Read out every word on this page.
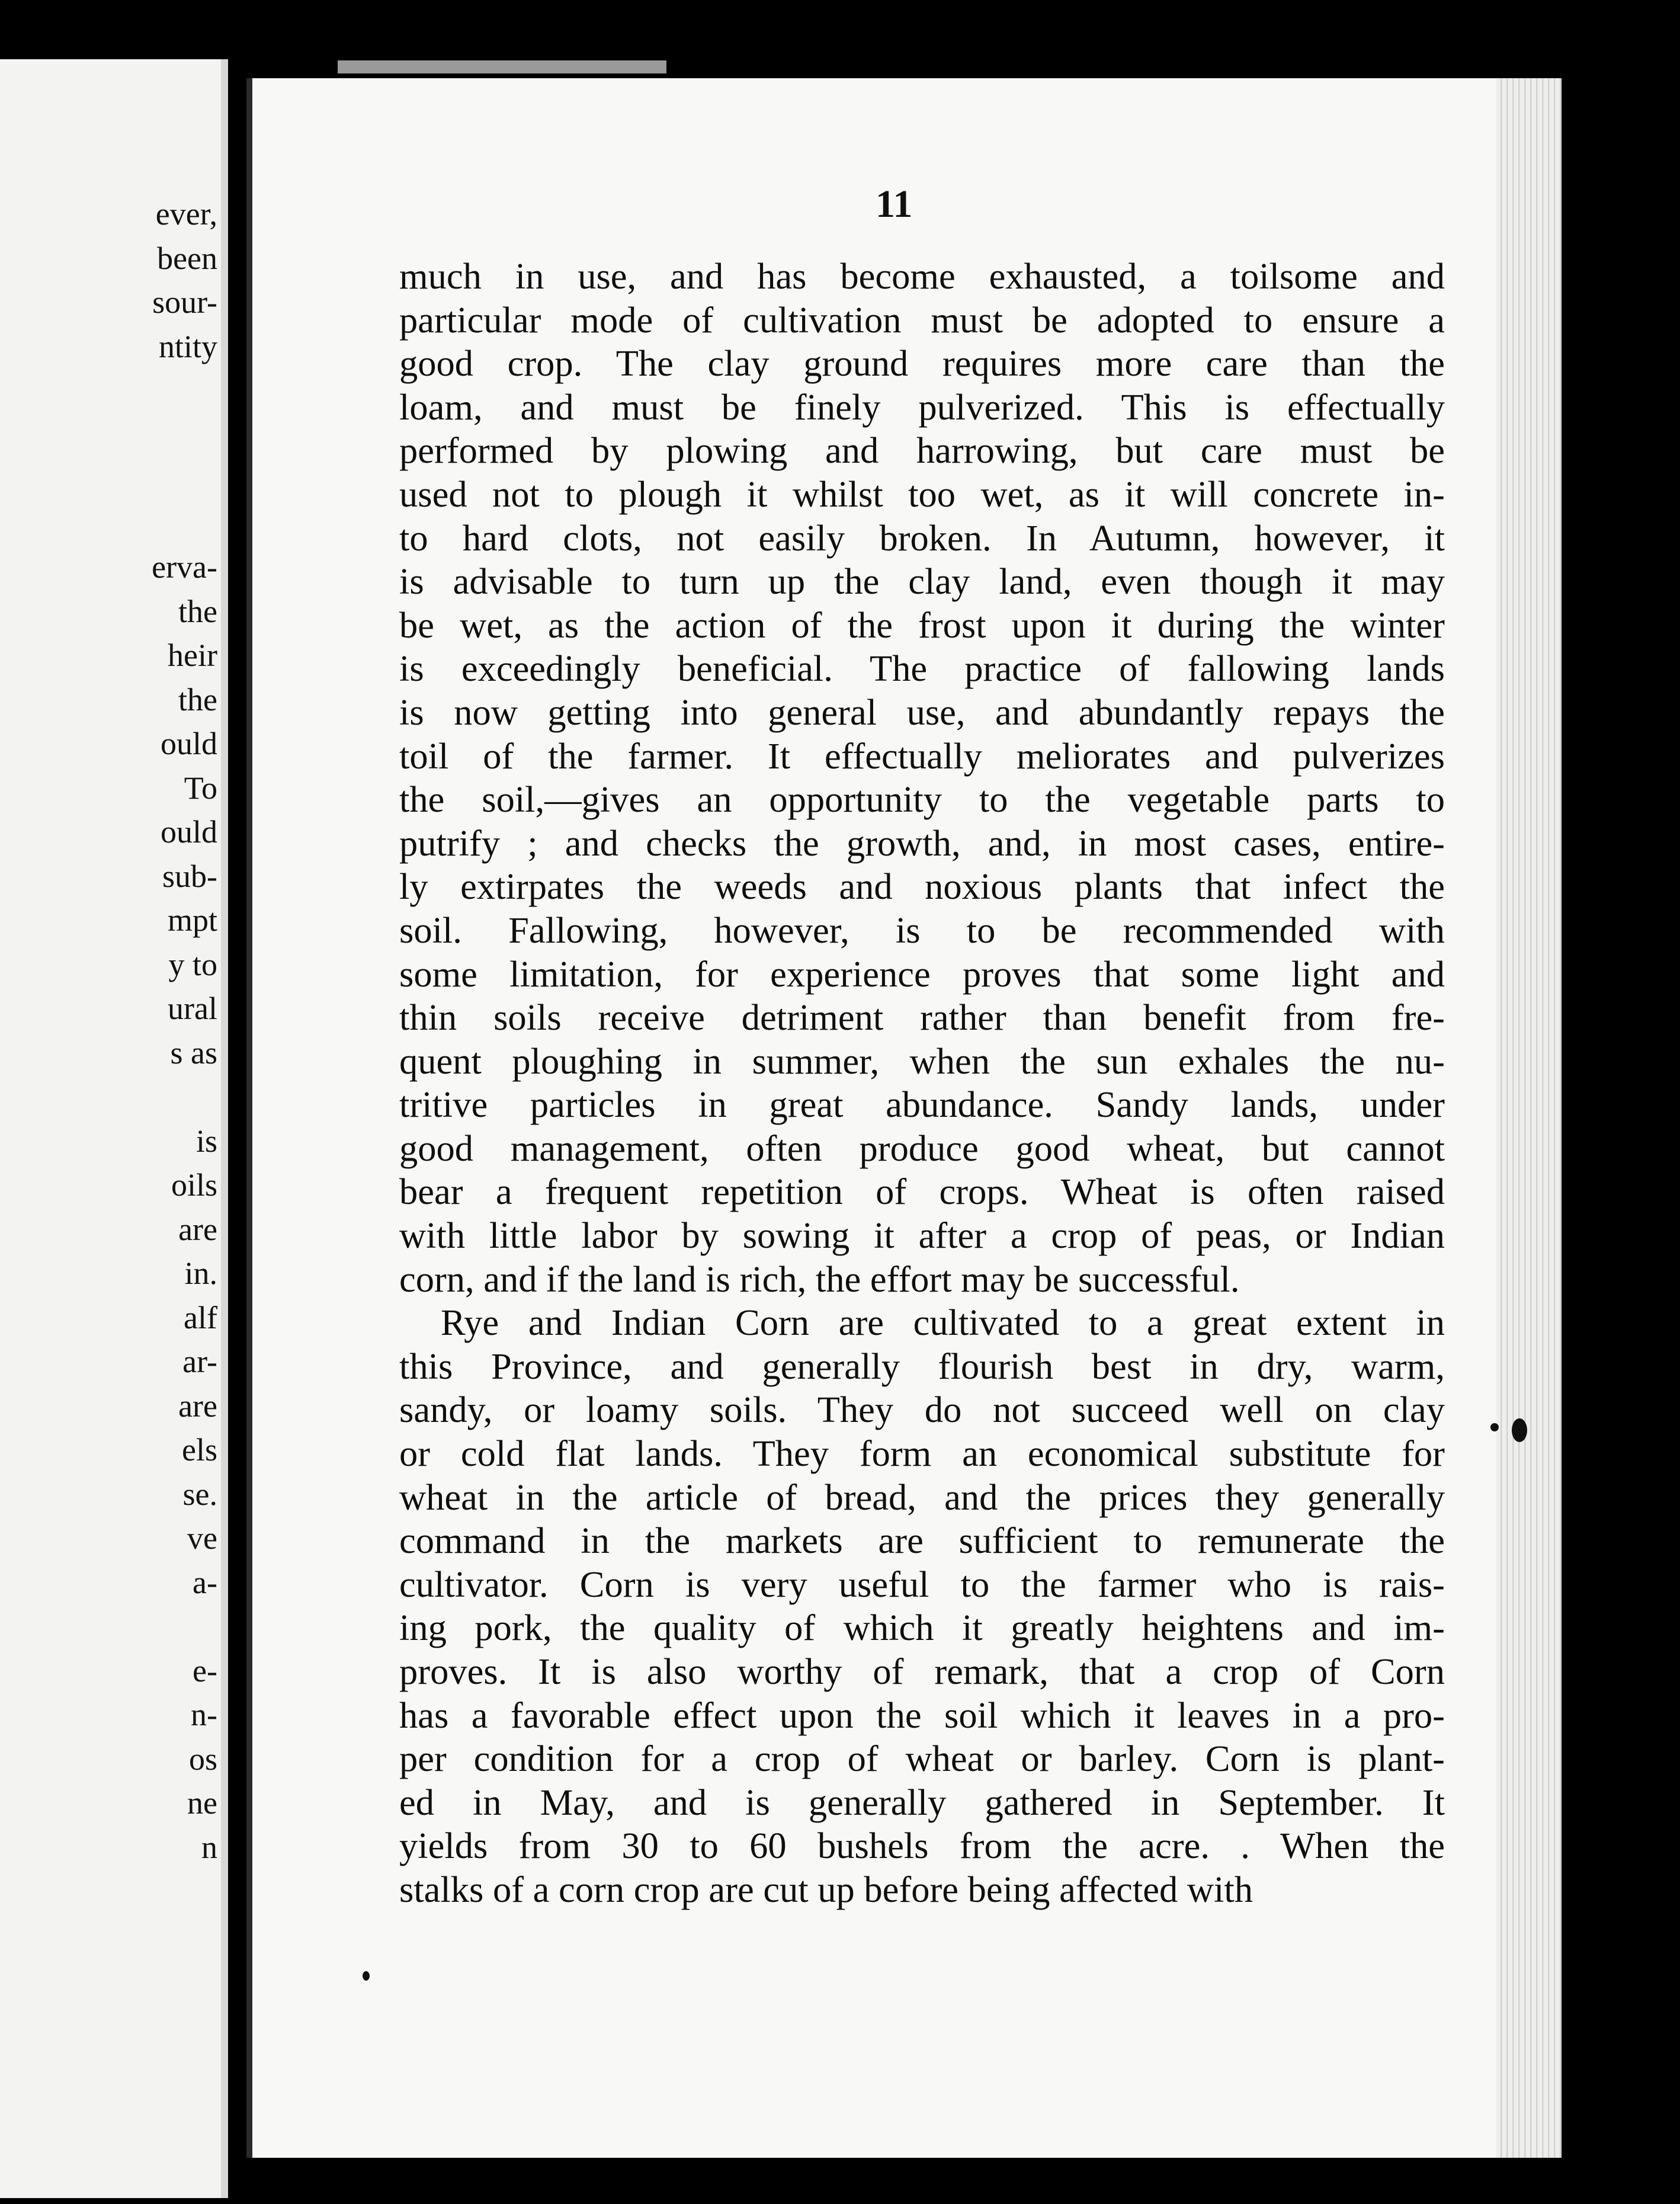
ever,
been
sour-
ntity
erva-
the
heir
the
ould
To
ould
sub-
mpt
y to
ural
s as
is
oils
are
in.
alf
ar-
are
els
se.
ve
a-
e-
n-
os
ne
n
11
much in use, and has become exhausted, a toilsome and
particular mode of cultivation must be adopted to ensure a
good crop. The clay ground requires more care than the
loam, and must be finely pulverized. This is effectually
performed by plowing and harrowing, but care must be
used not to plough it whilst too wet, as it will concrete in-
to hard clots, not easily broken. In Autumn, however, it
is advisable to turn up the clay land, even though it may
be wet, as the action of the frost upon it during the winter
is exceedingly beneficial. The practice of fallowing lands
is now getting into general use, and abundantly repays the
toil of the farmer. It effectually meliorates and pulverizes
the soil,—gives an opportunity to the vegetable parts to
putrify ; and checks the growth, and, in most cases, entire-
ly extirpates the weeds and noxious plants that infect the
soil. Fallowing, however, is to be recommended with
some limitation, for experience proves that some light and
thin soils receive detriment rather than benefit from fre-
quent ploughing in summer, when the sun exhales the nu-
tritive particles in great abundance. Sandy lands, under
good management, often produce good wheat, but cannot
bear a frequent repetition of crops. Wheat is often raised
with little labor by sowing it after a crop of peas, or Indian
corn, and if the land is rich, the effort may be successful.
Rye and Indian Corn are cultivated to a great extent in
this Province, and generally flourish best in dry, warm,
sandy, or loamy soils. They do not succeed well on clay
or cold flat lands. They form an economical substitute for
wheat in the article of bread, and the prices they generally
command in the markets are sufficient to remunerate the
cultivator. Corn is very useful to the farmer who is rais-
ing pork, the quality of which it greatly heightens and im-
proves. It is also worthy of remark, that a crop of Corn
has a favorable effect upon the soil which it leaves in a pro-
per condition for a crop of wheat or barley. Corn is plant-
ed in May, and is generally gathered in September. It
yields from 30 to 60 bushels from the acre. . When the
stalks of a corn crop are cut up before being affected with
